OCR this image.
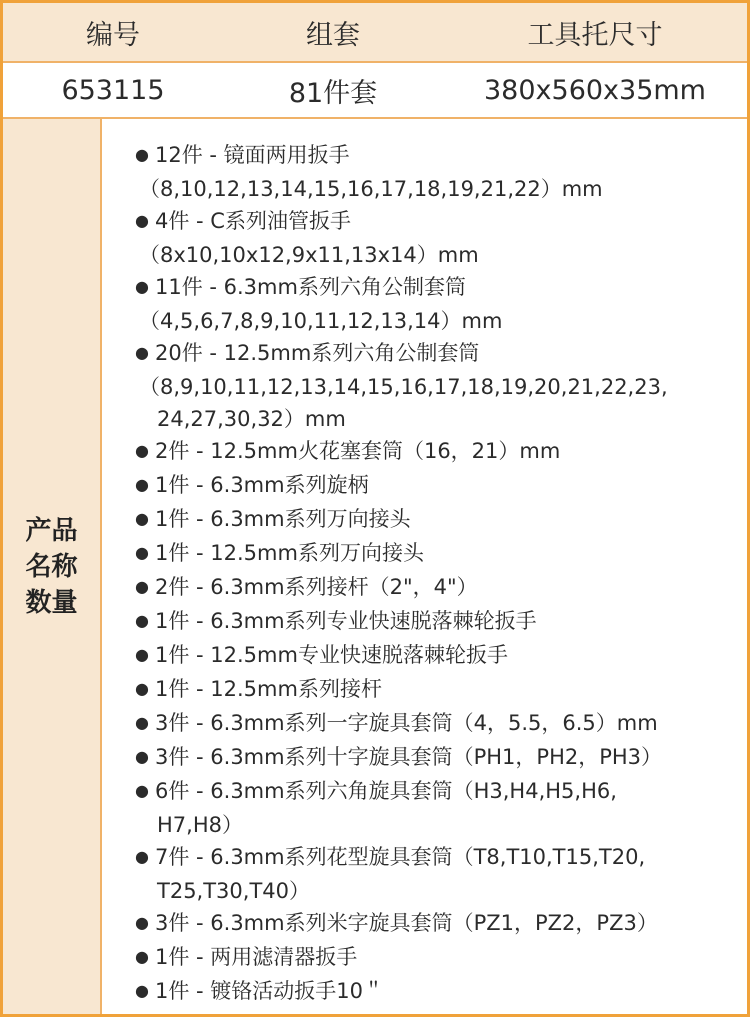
编号	组套	工具托尺寸
653115	81件套	380x560x35mm
产品
名称
数量
● 12件 - 镜面两用扳手
（8,10,12,13,14,15,16,17,18,19,21,22）mm
● 4件 - C系列油管扳手
（8x10,10x12,9x11,13x14）mm
● 11件 - 6.3mm系列六角公制套筒
（4,5,6,7,8,9,10,11,12,13,14）mm
● 20件 - 12.5mm系列六角公制套筒
（8,9,10,11,12,13,14,15,16,17,18,19,20,21,22,23,
24,27,30,32）mm
● 2件 - 12.5mm火花塞套筒（16，21）mm
● 1件 - 6.3mm系列旋柄
● 1件 - 6.3mm系列万向接头
● 1件 - 12.5mm系列万向接头
● 2件 - 6.3mm系列接杆（2"，4"）
● 1件 - 6.3mm系列专业快速脱落棘轮扳手
● 1件 - 12.5mm专业快速脱落棘轮扳手
● 1件 - 12.5mm系列接杆
● 3件 - 6.3mm系列一字旋具套筒（4，5.5，6.5）mm
● 3件 - 6.3mm系列十字旋具套筒（PH1，PH2，PH3）
● 6件 - 6.3mm系列六角旋具套筒（H3,H4,H5,H6,
H7,H8）
● 7件 - 6.3mm系列花型旋具套筒（T8,T10,T15,T20,
T25,T30,T40）
● 3件 - 6.3mm系列米字旋具套筒（PZ1，PZ2，PZ3）
● 1件 - 两用滤清器扳手
● 1件 - 镀铬活动扳手10＂
